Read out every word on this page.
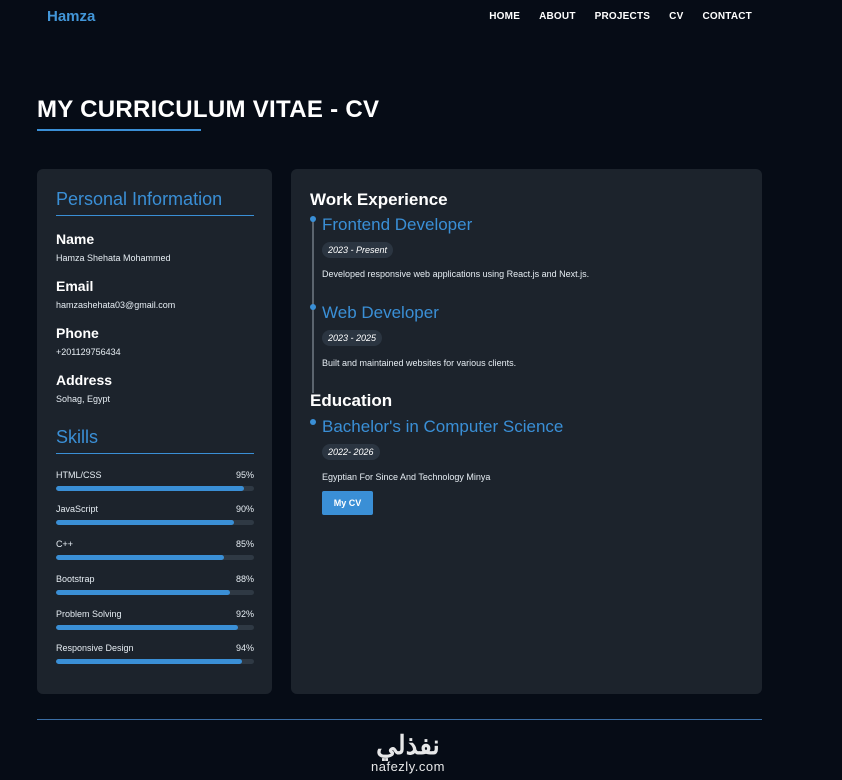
Hamza	HOME ABOUT PROJECTS CV CONTACT
MY CURRICULUM VITAE - CV
Personal Information
Name
Hamza Shehata Mohammed
Email
hamzashehata03@gmail.com
Phone
+201129756434
Address
Sohag, Egypt
Skills
HTML/CSS	95%
JavaScript	90%
C++	85%
Bootstrap	88%
Problem Solving	92%
Responsive Design	94%
Work Experience
Frontend Developer
2023 - Present
Developed responsive web applications using React.js and Next.js.
Web Developer
2023 - 2025
Built and maintained websites for various clients.
Education
Bachelor's in Computer Science
2022- 2026
Egyptian For Since And Technology Minya
My CV
نفذلي
nafezly.com
